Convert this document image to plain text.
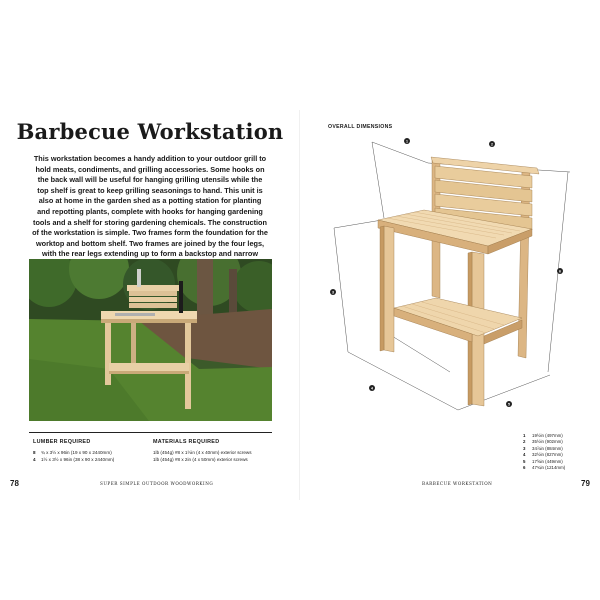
Barbecue Workstation
This workstation becomes a handy addition to your outdoor grill to hold meats, condiments, and grilling accessories. Some hooks on the back wall will be useful for hanging grilling utensils while the top shelf is great to keep grilling seasonings to hand. This unit is also at home in the garden shed as a potting station for planting and repotting plants, complete with hooks for hanging gardening tools and a shelf for storing gardening chemicals. The construction of the workstation is simple. Two frames form the foundation for the worktop and bottom shelf. Two frames are joined by the four legs, with the rear legs extending up to form a backstop and narrow
LUMBER REQUIRED
8 ¾ x 3½ x 96in (19 x 90 x 2440mm)
4 1½ x 3½ x 96in (38 x 90 x 2440mm)
MATERIALS REQUIRED
1lb (454g) #8 x 1½in (4 x 40mm) exterior screws
1lb (454g) #8 x 2in (4 x 50mm) exterior screws
78	SUPER SIMPLE OUTDOOR WOODWORKING
OVERALL DIMENSIONS
1
2
3
4
5
6
1 19½in (497mm)
2 35½in (902mm)
3 34⅞in (884mm)
4 32½in (827mm)
5 17⅝in (449mm)
6 47¾in (1214mm)
BARBECUE WORKSTATION	79
